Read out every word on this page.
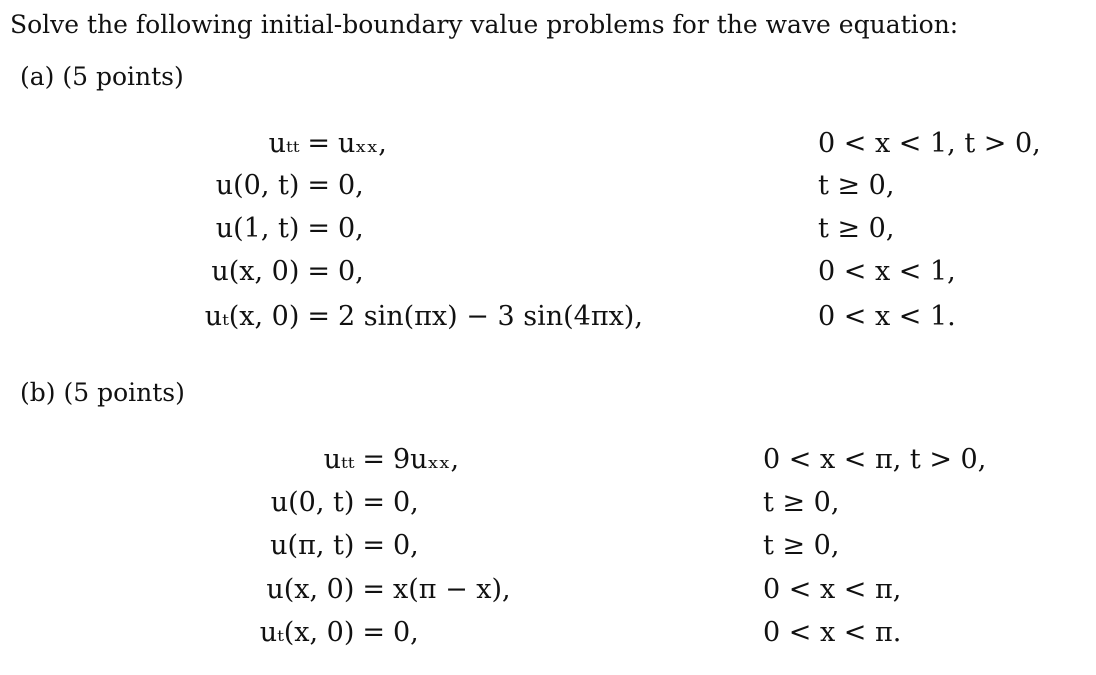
Solve the following initial-boundary value problems for the wave equation:
(a) (5 points)
uₜₜ = uₓₓ,	0 < x < 1, t > 0,
u(0, t) = 0,	t ≥ 0,
u(1, t) = 0,	t ≥ 0,
u(x, 0) = 0,	0 < x < 1,
uₜ(x, 0) = 2 sin(πx) − 3 sin(4πx),	0 < x < 1.
(b) (5 points)
uₜₜ = 9uₓₓ,	0 < x < π, t > 0,
u(0, t) = 0,	t ≥ 0,
u(π, t) = 0,	t ≥ 0,
u(x, 0) = x(π − x),	0 < x < π,
uₜ(x, 0) = 0,	0 < x < π.
